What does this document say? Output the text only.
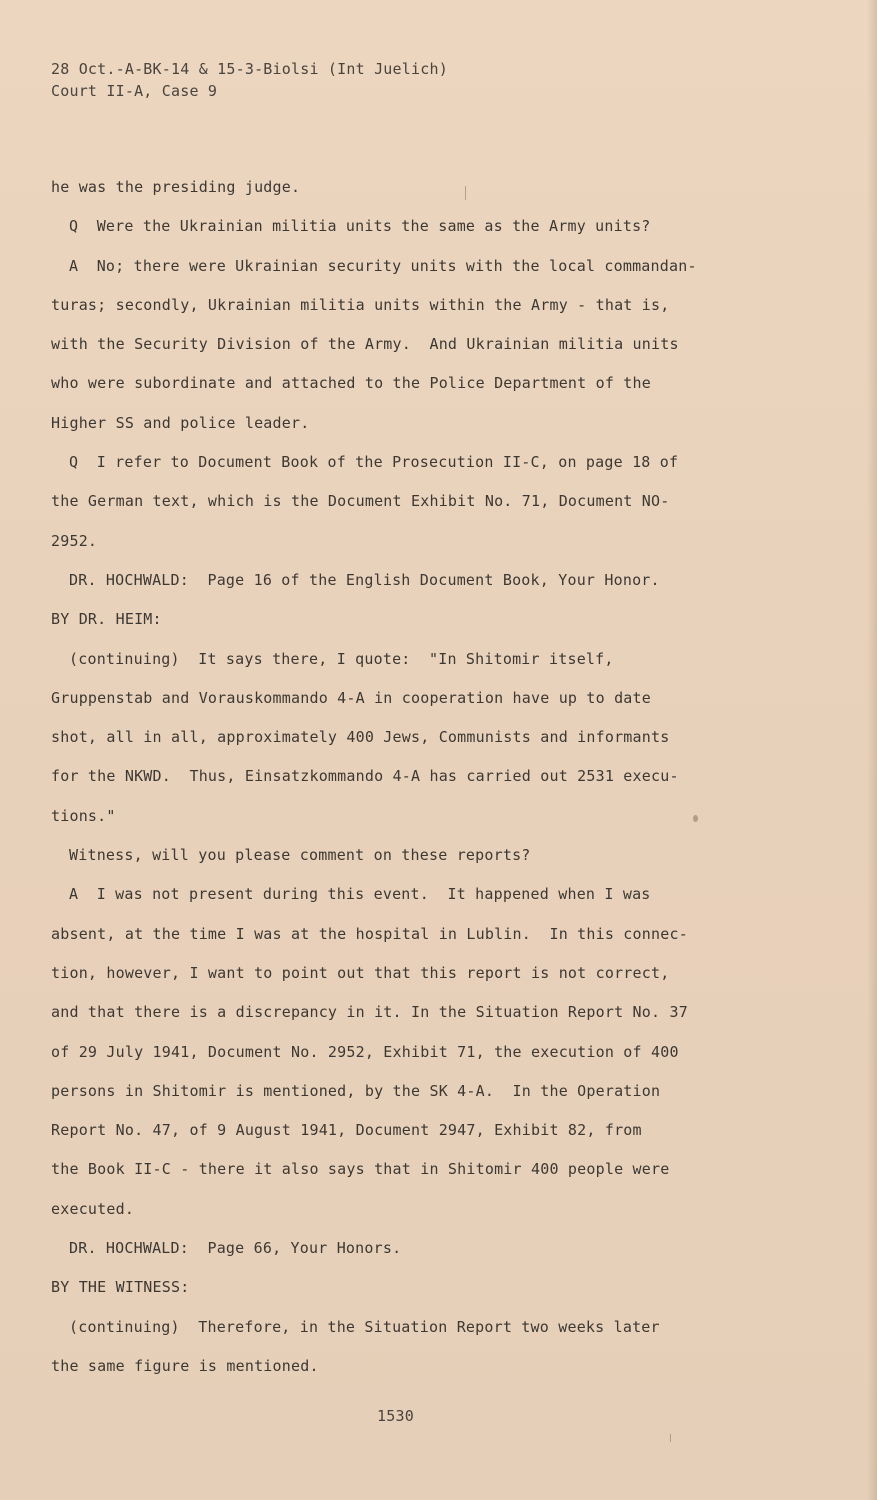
28 Oct.-A-BK-14 & 15-3-Biolsi (Int Juelich)
Court II-A, Case 9
he was the presiding judge.
Q  Were the Ukrainian militia units the same as the Army units?
A  No; there were Ukrainian security units with the local commandan-
turas; secondly, Ukrainian militia units within the Army - that is,
with the Security Division of the Army.  And Ukrainian militia units
who were subordinate and attached to the Police Department of the
Higher SS and police leader.
Q  I refer to Document Book of the Prosecution II-C, on page 18 of
the German text, which is the Document Exhibit No. 71, Document NO-
2952.
DR. HOCHWALD:  Page 16 of the English Document Book, Your Honor.
BY DR. HEIM:
(continuing)  It says there, I quote:  "In Shitomir itself,
Gruppenstab and Vorauskommando 4-A in cooperation have up to date
shot, all in all, approximately 400 Jews, Communists and informants
for the NKWD.  Thus, Einsatzkommando 4-A has carried out 2531 execu-
tions."
Witness, will you please comment on these reports?
A  I was not present during this event.  It happened when I was
absent, at the time I was at the hospital in Lublin.  In this connec-
tion, however, I want to point out that this report is not correct,
and that there is a discrepancy in it. In the Situation Report No. 37
of 29 July 1941, Document No. 2952, Exhibit 71, the execution of 400
persons in Shitomir is mentioned, by the SK 4-A.  In the Operation
Report No. 47, of 9 August 1941, Document 2947, Exhibit 82, from
the Book II-C - there it also says that in Shitomir 400 people were
executed.
DR. HOCHWALD:  Page 66, Your Honors.
BY THE WITNESS:
(continuing)  Therefore, in the Situation Report two weeks later
the same figure is mentioned.
1530
